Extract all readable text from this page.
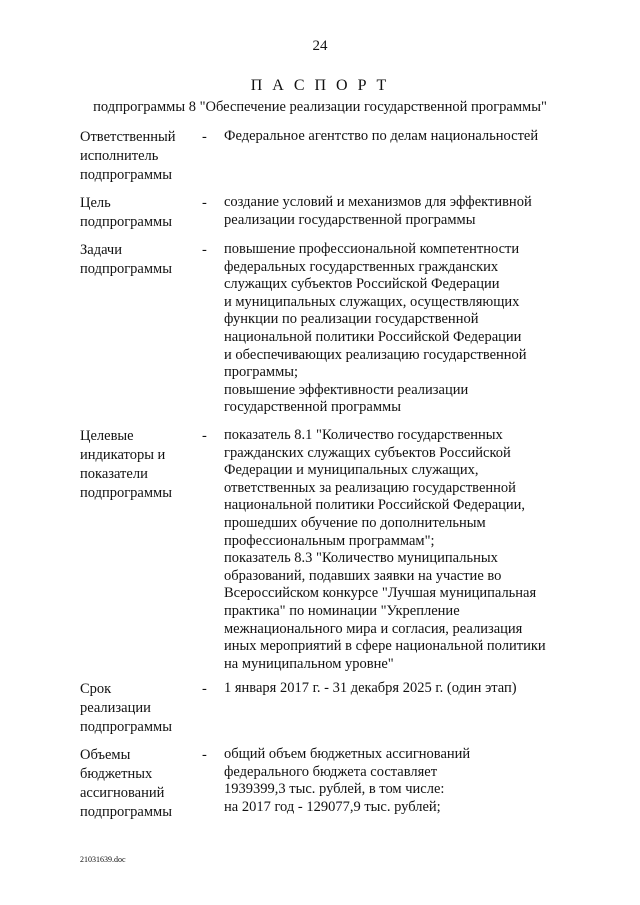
24
П А С П О Р Т
подпрограммы 8 "Обеспечение реализации государственной программы"
Ответственный
исполнитель
подпрограммы
- Федеральное агентство по делам национальностей
Цель
подпрограммы
- создание условий и механизмов для эффективной
реализации государственной программы
Задачи
подпрограммы
- повышение профессиональной компетентности
федеральных государственных гражданских
служащих субъектов Российской Федерации
и муниципальных служащих, осуществляющих
функции по реализации государственной
национальной политики Российской Федерации
и обеспечивающих реализацию государственной
программы;
повышение эффективности реализации
государственной программы
Целевые
индикаторы и
показатели
подпрограммы
- показатель 8.1 "Количество государственных
гражданских служащих субъектов Российской
Федерации и муниципальных служащих,
ответственных за реализацию государственной
национальной политики Российской Федерации,
прошедших обучение по дополнительным
профессиональным программам";
показатель 8.3 "Количество муниципальных
образований, подавших заявки на участие во
Всероссийском конкурсе "Лучшая муниципальная
практика" по номинации "Укрепление
межнационального мира и согласия, реализация
иных мероприятий в сфере национальной политики
на муниципальном уровне"
Срок
реализации
подпрограммы
- 1 января 2017 г. - 31 декабря 2025 г. (один этап)
Объемы
бюджетных
ассигнований
подпрограммы
- общий объем бюджетных ассигнований
федерального бюджета составляет
1939399,3 тыс. рублей, в том числе:
на 2017 год - 129077,9 тыс. рублей;
21031639.doc
